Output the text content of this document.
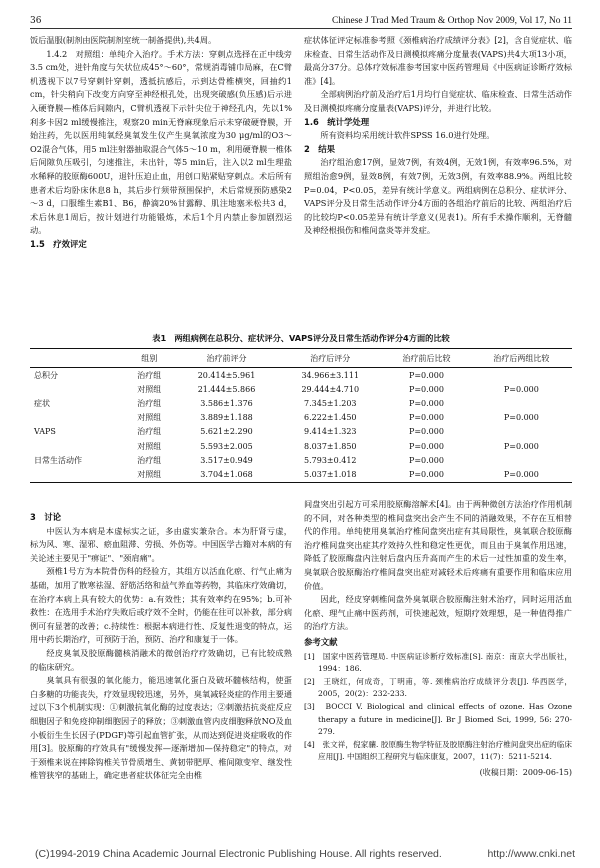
36	Chinese J Trad Med Traum & Orthop Nov 2009, Vol 17, No 11

饭后温服(制剂由医院制剂室统一制备提供),共4周。

1.4.2　对照组：单纯介入治疗。手术方法：穿刺点选择在正中线旁3.5 cm处，进针角度与矢状位成45°～60°，常规消毒铺巾局麻，在C臂机透视下以7号穿刺针穿刺，透抵抗感后，示到达骨椎横突，回抽约1 cm，针尖稍向下改变方向穿至神经根孔处，出现突破感(负压感)后示进入硬脊膜—椎体后间隙内，C臂机透视下示针尖位于神经孔内，先以1%利多卡因2 ml缓慢推注，观察20 min无脊麻现象后示未穿破硬脊膜，开始注药，先以医用纯氧经臭氧发生仪产生臭氧浓度为30 μg/ml的O3～O2混合气体，用5 ml注射器抽取混合气体5～10 m，利用硬脊膜一椎体后间隙负压吸引，匀速推注，未出针，等5 min后，注入以2 ml生理盐水稀释的胶原酶600U，退针压迫止血，用创口贴紧贴穿刺点。术后所有患者术后均卧床休息8 h，其后步行须带预围保护，术后常规预防感染2～3 d，口服维生素B1、B6，静滴20%甘露醇、肌注地塞米松共3 d，术后休息1周后，按计划进行功能锻炼，术后1个月内禁止参加剧烈运动。

1.5　疗效评定

症状体征评定标准参考照《颈椎病治疗成绩评分表》[2]，含自觉症状、临床检查、日常生活动作及日测模拟疼痛分度量表(VAPS)共4大项13小项，最高分37分。总体疗效标准参考国家中医药管理局《中医病证诊断疗效标准》[4]。

全部病例治疗前及治疗后1月均行自觉症状、临床检查、日常生活动作及日测模拟疼痛分度量表(VAPS)评分，并进行比较。

1.6　统计学处理

所有资料均采用统计软件SPSS 16.0进行处理。

2　结果

治疗组治愈17例，显效7例，有效4例，无效1例，有效率96.5%，对照组治愈9例，显效8例，有效7例，无效3例，有效率88.9%。两组比较P=0.04，P<0.05，差异有统计学意义。两组病例在总积分、症状评分、VAPS评分及日常生活动作评分4方面的各组治疗前后的比较、两组治疗后的比较均P<0.05差异有统计学意义(见表1)。所有手术操作顺利，无脊髓及神经根损伤和椎间盘炎等并发症。

表1　两组病例在总积分、症状评分、VAPS评分及日常生活动作评分4方面的比较
	组别	治疗前评分	治疗后评分	治疗前后比较	治疗后两组比较
总积分	治疗组	20.414±5.961	34.966±3.111	P=0.000	
	对照组	21.444±5.866	29.444±4.710	P=0.000	P=0.000
症状	治疗组	3.586±1.376	7.345±1.203	P=0.000	
	对照组	3.889±1.188	6.222±1.450	P=0.000	P=0.000
VAPS	治疗组	5.621±2.290	9.414±1.323	P=0.000	
	对照组	5.593±2.005	8.037±1.850	P=0.000	P=0.000
日常生活动作	治疗组	3.517±0.949	5.793±0.412	P=0.000	
	对照组	3.704±1.068	5.037±1.018	P=0.000	P=0.000

3　讨论

中医认为本病是本虚标实之证，多由虚实兼杂合。本为肝肾亏虚，标为风、寒、湿邪、瘀血阻滞、劳损、外伤等。中国医学古籍对本病的有关论述主要见于"痹证"、"颈肩痛"。

颈椎1号方为本院骨伤科的经验方，其组方以活血化瘀、行气止痛为基础，加用了散寒祛湿、舒筋活络和益气养血等药物，其临床疗效确切，在治疗本病上具有较大的优势：a.有效性；其有效率约在95%；b.可补救性：在选用手术治疗失败后或疗效不全时，仍能在往可以补救，部分病例可有显著的改善；c.持续性：根据本病进行性、反复性退变的特点，运用中药长期治疗，可预防于治，预防、治疗和康复于一体。

经皮臭氧及胶原酶髓核消融术的微创治疗疗效确切，已有比较成熟的临床研究。

臭氧具有很强的氧化能力，能迅速氧化蛋白及破坏髓核结构，使蛋白多糖的功能丧失，疗效显现较迅速，另外，臭氧减轻炎症的作用主要通过以下3个机制实现：①刺激抗氧化酶的过度表达；②刺激拮抗炎症反应细胞因子和免疫抑制细胞因子的释放；③刺激血管内皮细胞释放NO及血小板衍生生长因子(PDGF)等引起血管扩张，从而达到促进炎症吸收的作用[3]。胶原酶的疗效具有"缓慢发挥—逐渐增加—保持稳定"的特点，对于颈椎来说在摔除钩椎关节骨质增生、黄韧带肥厚、椎间隙变窄、继发性椎管狭窄的基础上，确定患者症状体征完全由椎

间盘突出引起方可采用胶原酶溶解术[4]。由于两种微创方法治疗作用机制的不同，对各种类型的椎间盘突出会产生不同的消融效果，不存在互相替代的作用。单纯使用臭氧治疗椎间盘突出症有其局限性，臭氧联合胶原酶治疗椎间盘突出症其疗效持久性和稳定性更优，而且由于臭氧作用迅速，降低了胶原酶盘内注射后盘内压升高而产生的术后一过性加重的发生率，臭氧联合胶原酶治疗椎间盘突出症对减轻术后疼痛有重要作用和临床应用价值。

因此，经皮穿刺椎间盘外臭氧联合胶原酶注射术治疗，同时运用活血化瘀、理气止痛中医药剂，可快速起效，短期疗效理想，是一种值得推广的治疗方法。

参考文献

[1]　国家中医药管理局. 中医病证诊断疗效标准[S]. 南京：南京大学出版社，1994：186.

[2]　王晓红，何成奇，丁明甫，等. 颈椎病治疗成绩评分表[J]. 华西医学，2005，20(2)：232-233.

[3]　BOCCI V. Biological and clinical effects of ozone. Has Ozone therapy a future in medicine[J]. Br J Biomed Sci, 1999, 56: 270-279.

[4]　张文祥，倪家骧. 胶原酶生物学特征及胶原酶注射治疗椎间盘突出症的临床应用[J]. 中国组织工程研究与临床康复，2007，11(7)：5211-5214.

(收稿日期：2009-06-15)
(C)1994-2019 China Academic Journal Electronic Publishing House. All rights reserved.	http://www.cnki.net
